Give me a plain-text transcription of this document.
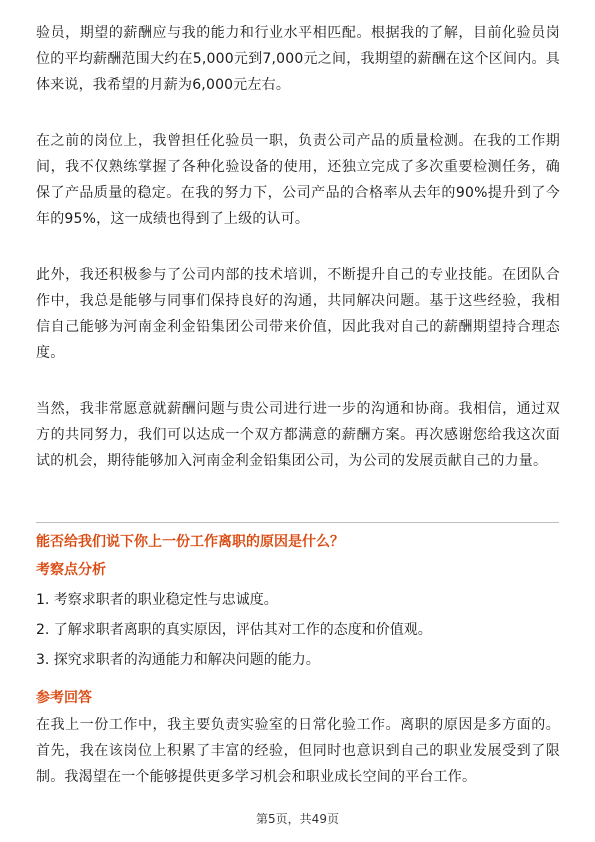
验员，期望的薪酬应与我的能力和行业水平相匹配。根据我的了解，目前化验员岗位的平均薪酬范围大约在5,000元到7,000元之间，我期望的薪酬在这个区间内。具体来说，我希望的月薪为6,000元左右。

在之前的岗位上，我曾担任化验员一职，负责公司产品的质量检测。在我的工作期间，我不仅熟练掌握了各种化验设备的使用，还独立完成了多次重要检测任务，确保了产品质量的稳定。在我的努力下，公司产品的合格率从去年的90%提升到了今年的95%，这一成绩也得到了上级的认可。

此外，我还积极参与了公司内部的技术培训，不断提升自己的专业技能。在团队合作中，我总是能够与同事们保持良好的沟通，共同解决问题。基于这些经验，我相信自己能够为河南金利金铅集团公司带来价值，因此我对自己的薪酬期望持合理态度。

当然，我非常愿意就薪酬问题与贵公司进行进一步的沟通和协商。我相信，通过双方的共同努力，我们可以达成一个双方都满意的薪酬方案。再次感谢您给我这次面试的机会，期待能够加入河南金利金铅集团公司，为公司的发展贡献自己的力量。

能否给我们说下你上一份工作离职的原因是什么？

考察点分析

1. 考察求职者的职业稳定性与忠诚度。

2. 了解求职者离职的真实原因，评估其对工作的态度和价值观。

3. 探究求职者的沟通能力和解决问题的能力。

参考回答

在我上一份工作中，我主要负责实验室的日常化验工作。离职的原因是多方面的。首先，我在该岗位上积累了丰富的经验，但同时也意识到自己的职业发展受到了限制。我渴望在一个能够提供更多学习机会和职业成长空间的平台工作。

第5页，共49页
